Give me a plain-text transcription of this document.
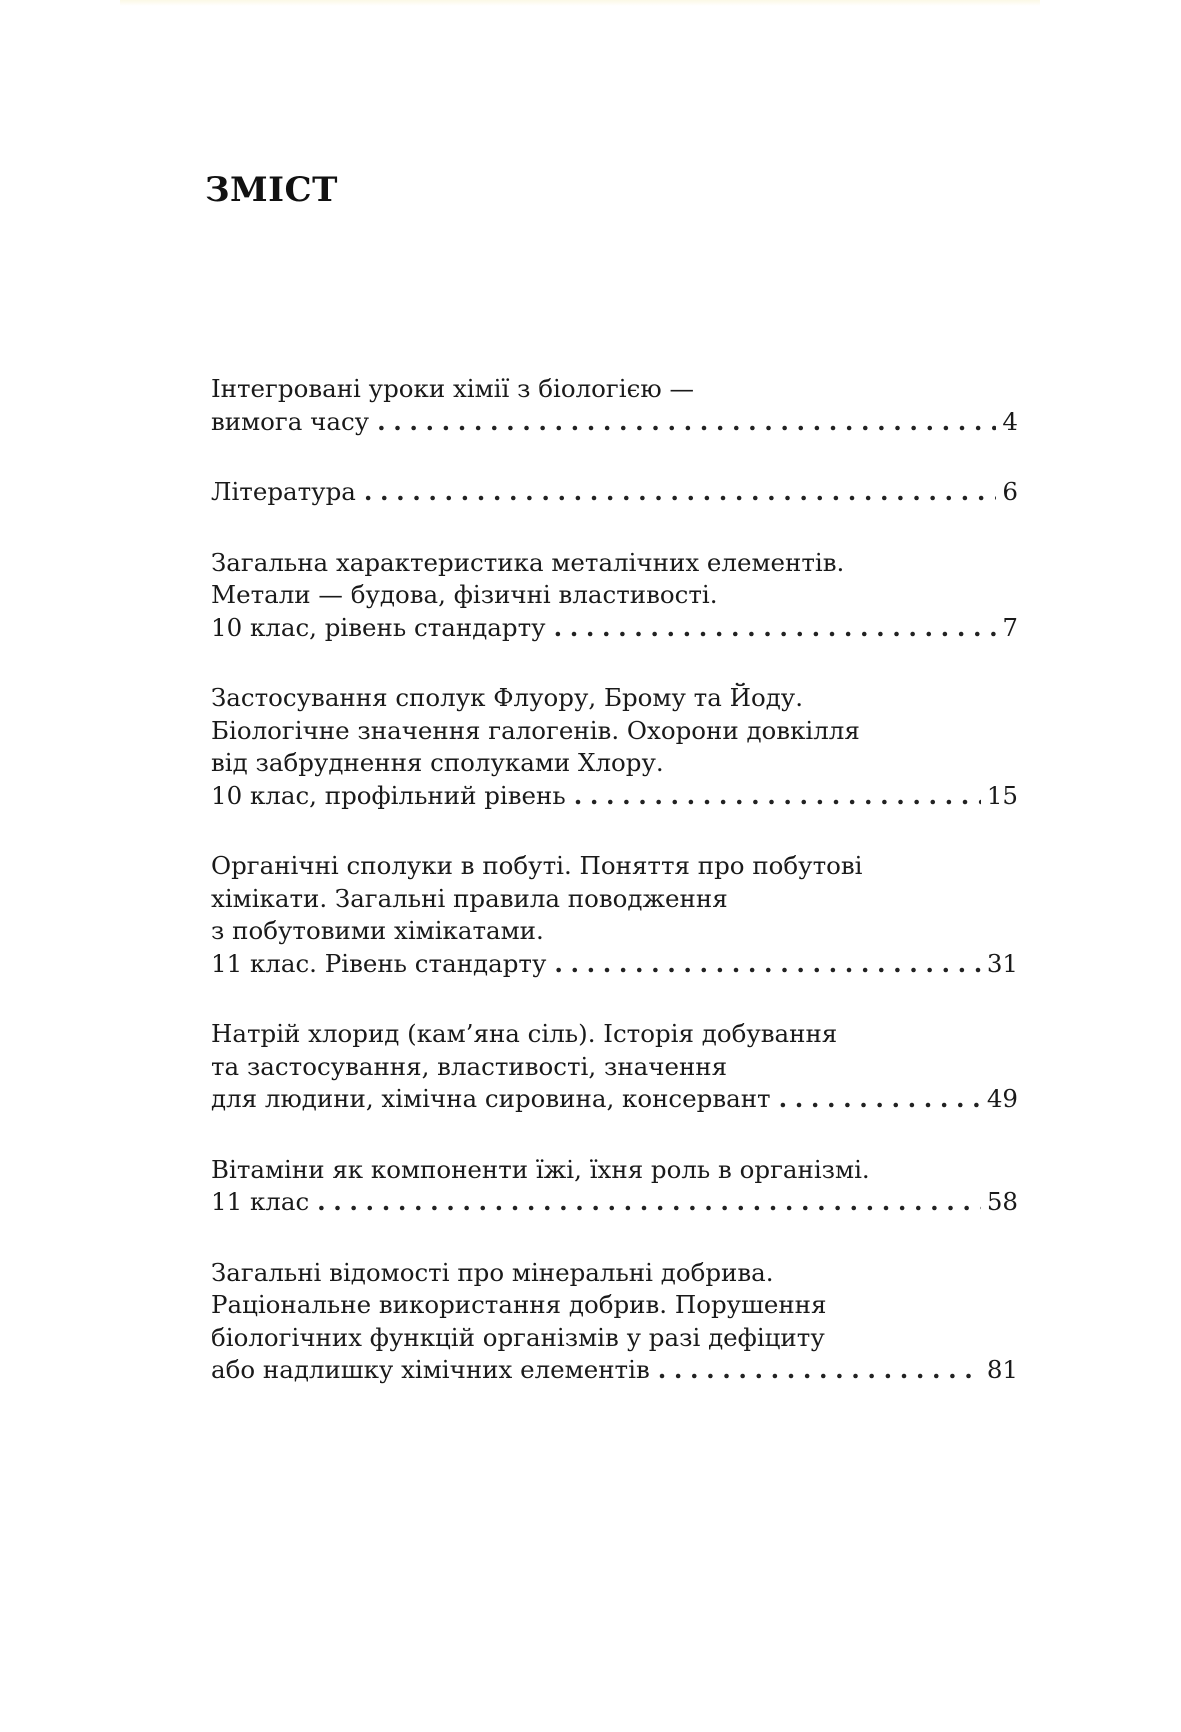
ЗМІСТ
Інтегровані уроки хімії з біологією —
вимога часу .....	4
Література .....	6
Загальна характеристика металічних елементів.
Метали — будова, фізичні властивості.
10 клас, рівень стандарту .....	7
Застосування сполук Флуору, Брому та Йоду.
Біологічне значення галогенів. Охорони довкілля
від забруднення сполуками Хлору.
10 клас, профільний рівень .....	15
Органічні сполуки в побуті. Поняття про побутові
хімікати. Загальні правила поводження
з побутовими хімікатами.
11 клас. Рівень стандарту .....	31
Натрій хлорид (кам’яна сіль). Історія добування
та застосування, властивості, значення
для людини, хімічна сировина, консервант .....	49
Вітаміни як компоненти їжі, їхня роль в організмі.
11 клас .....	58
Загальні відомості про мінеральні добрива.
Раціональне використання добрив. Порушення
біологічних функцій організмів у разі дефіциту
або надлишку хімічних елементів .....	81
